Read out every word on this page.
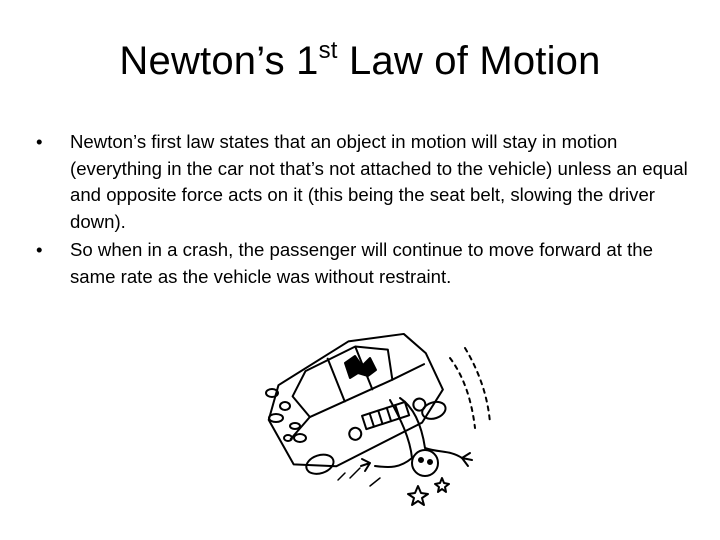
Newton’s 1st Law of Motion
• Newton’s first law states that an object in motion will stay in motion (everything in the car not that’s not attached to the vehicle) unless an equal and opposite force acts on it (this being the seat belt, slowing the driver down).
• So when in a crash, the passenger will continue to move forward at the same rate as the vehicle was without restraint.
